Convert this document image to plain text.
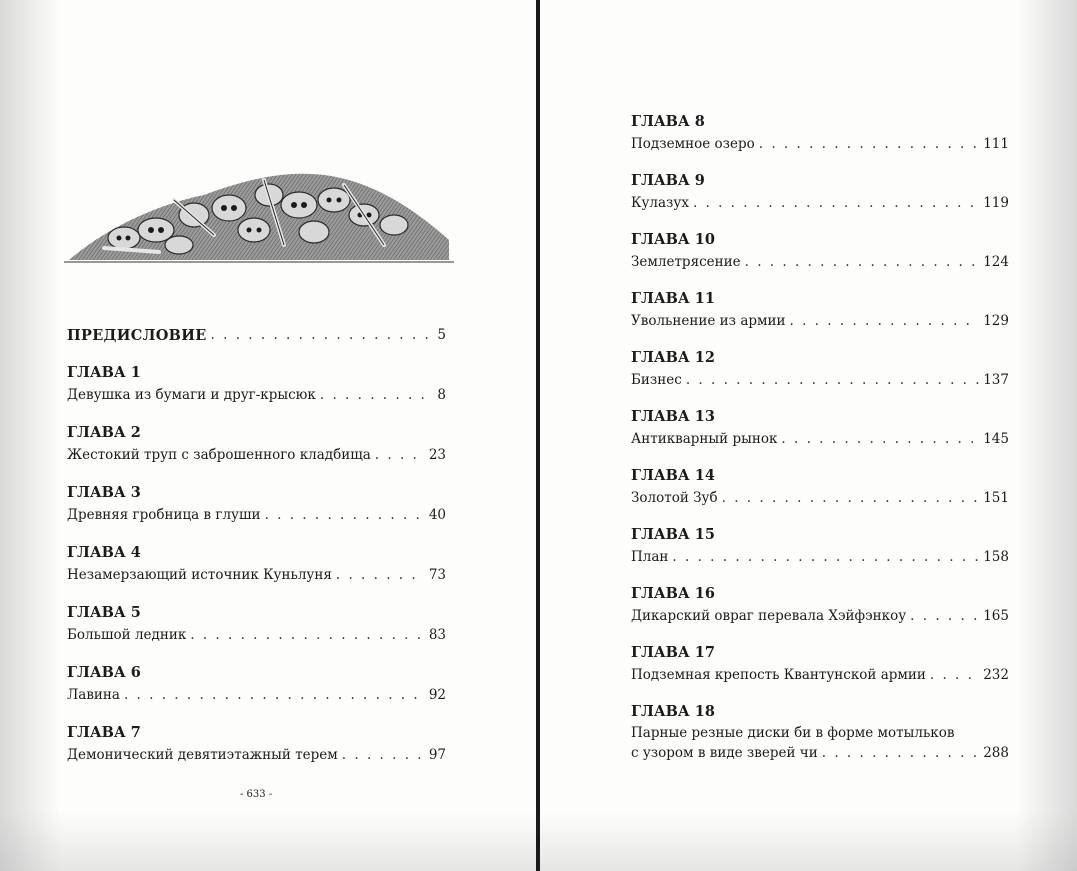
ПРЕДИСЛОВИЕ . . .	5
ГЛАВА 1
Девушка из бумаги и друг-крысюк . . .	8
ГЛАВА 2
Жестокий труп с заброшенного кладбища . . .	23
ГЛАВА 3
Древняя гробница в глуши . . .	40
ГЛАВА 4
Незамерзающий источник Куньлуня . . .	73
ГЛАВА 5
Большой ледник . . .	83
ГЛАВА 6
Лавина . . .	92
ГЛАВА 7
Демонический девятиэтажный терем . . .	97
- 633 -
ГЛАВА 8
Подземное озеро . . .	111
ГЛАВА 9
Кулазух . . .	119
ГЛАВА 10
Землетрясение . . .	124
ГЛАВА 11
Увольнение из армии . . .	129
ГЛАВА 12
Бизнес . . .	137
ГЛАВА 13
Антикварный рынок . . .	145
ГЛАВА 14
Золотой Зуб . . .	151
ГЛАВА 15
План . . .	158
ГЛАВА 16
Дикарский овраг перевала Хэйфэнкоу . . .	165
ГЛАВА 17
Подземная крепость Квантунской армии . . .	232
ГЛАВА 18
Парные резные диски би в форме мотыльков
с узором в виде зверей чи . . .	288
